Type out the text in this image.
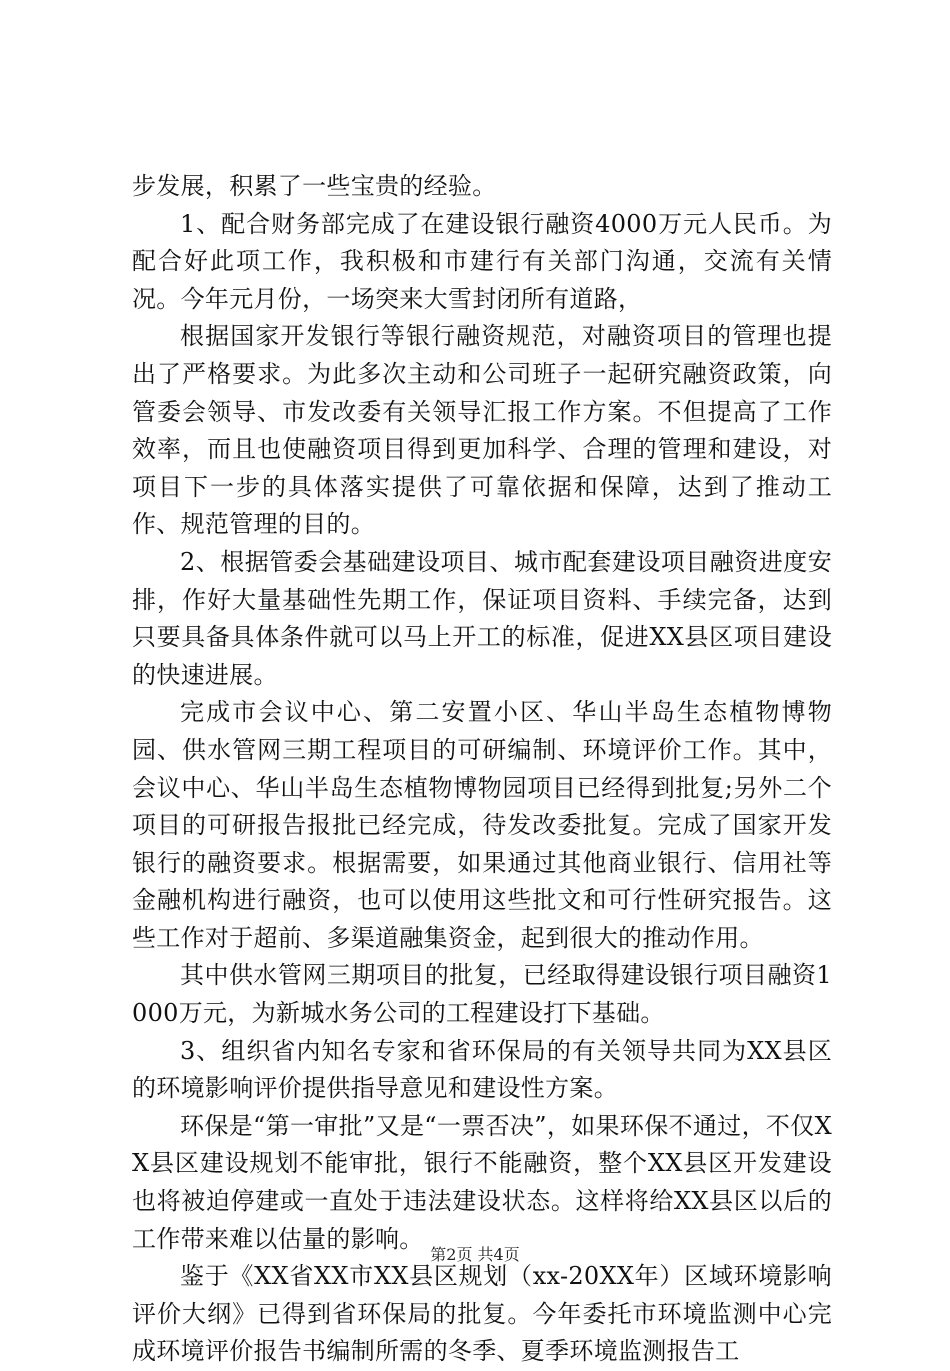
步发展，积累了一些宝贵的经验。

1、配合财务部完成了在建设银行融资4000万元人民币。为配合好此项工作，我积极和市建行有关部门沟通，交流有关情况。今年元月份，一场突来大雪封闭所有道路，

根据国家开发银行等银行融资规范，对融资项目的管理也提出了严格要求。为此多次主动和公司班子一起研究融资政策，向管委会领导、市发改委有关领导汇报工作方案。不但提高了工作效率，而且也使融资项目得到更加科学、合理的管理和建设，对项目下一步的具体落实提供了可靠依据和保障，达到了推动工作、规范管理的目的。

2、根据管委会基础建设项目、城市配套建设项目融资进度安排，作好大量基础性先期工作，保证项目资料、手续完备，达到只要具备具体条件就可以马上开工的标准，促进XX县区项目建设的快速进展。

完成市会议中心、第二安置小区、华山半岛生态植物博物园、供水管网三期工程项目的可研编制、环境评价工作。其中，会议中心、华山半岛生态植物博物园项目已经得到批复;另外二个项目的可研报告报批已经完成，待发改委批复。完成了国家开发银行的融资要求。根据需要，如果通过其他商业银行、信用社等金融机构进行融资，也可以使用这些批文和可行性研究报告。这些工作对于超前、多渠道融集资金，起到很大的推动作用。

其中供水管网三期项目的批复，已经取得建设银行项目融资1000万元，为新城水务公司的工程建设打下基础。

3、组织省内知名专家和省环保局的有关领导共同为XX县区的环境影响评价提供指导意见和建设性方案。

环保是“第一审批”又是“一票否决”，如果环保不通过，不仅XX县区建设规划不能审批，银行不能融资，整个XX县区开发建设也将被迫停建或一直处于违法建设状态。这样将给XX县区以后的工作带来难以估量的影响。

鉴于《XX省XX市XX县区规划（xx-20XX年）区域环境影响评价大纲》已得到省环保局的批复。今年委托市环境监测中心完成环境评价报告书编制所需的冬季、夏季环境监测报告工

第2页 共4页
